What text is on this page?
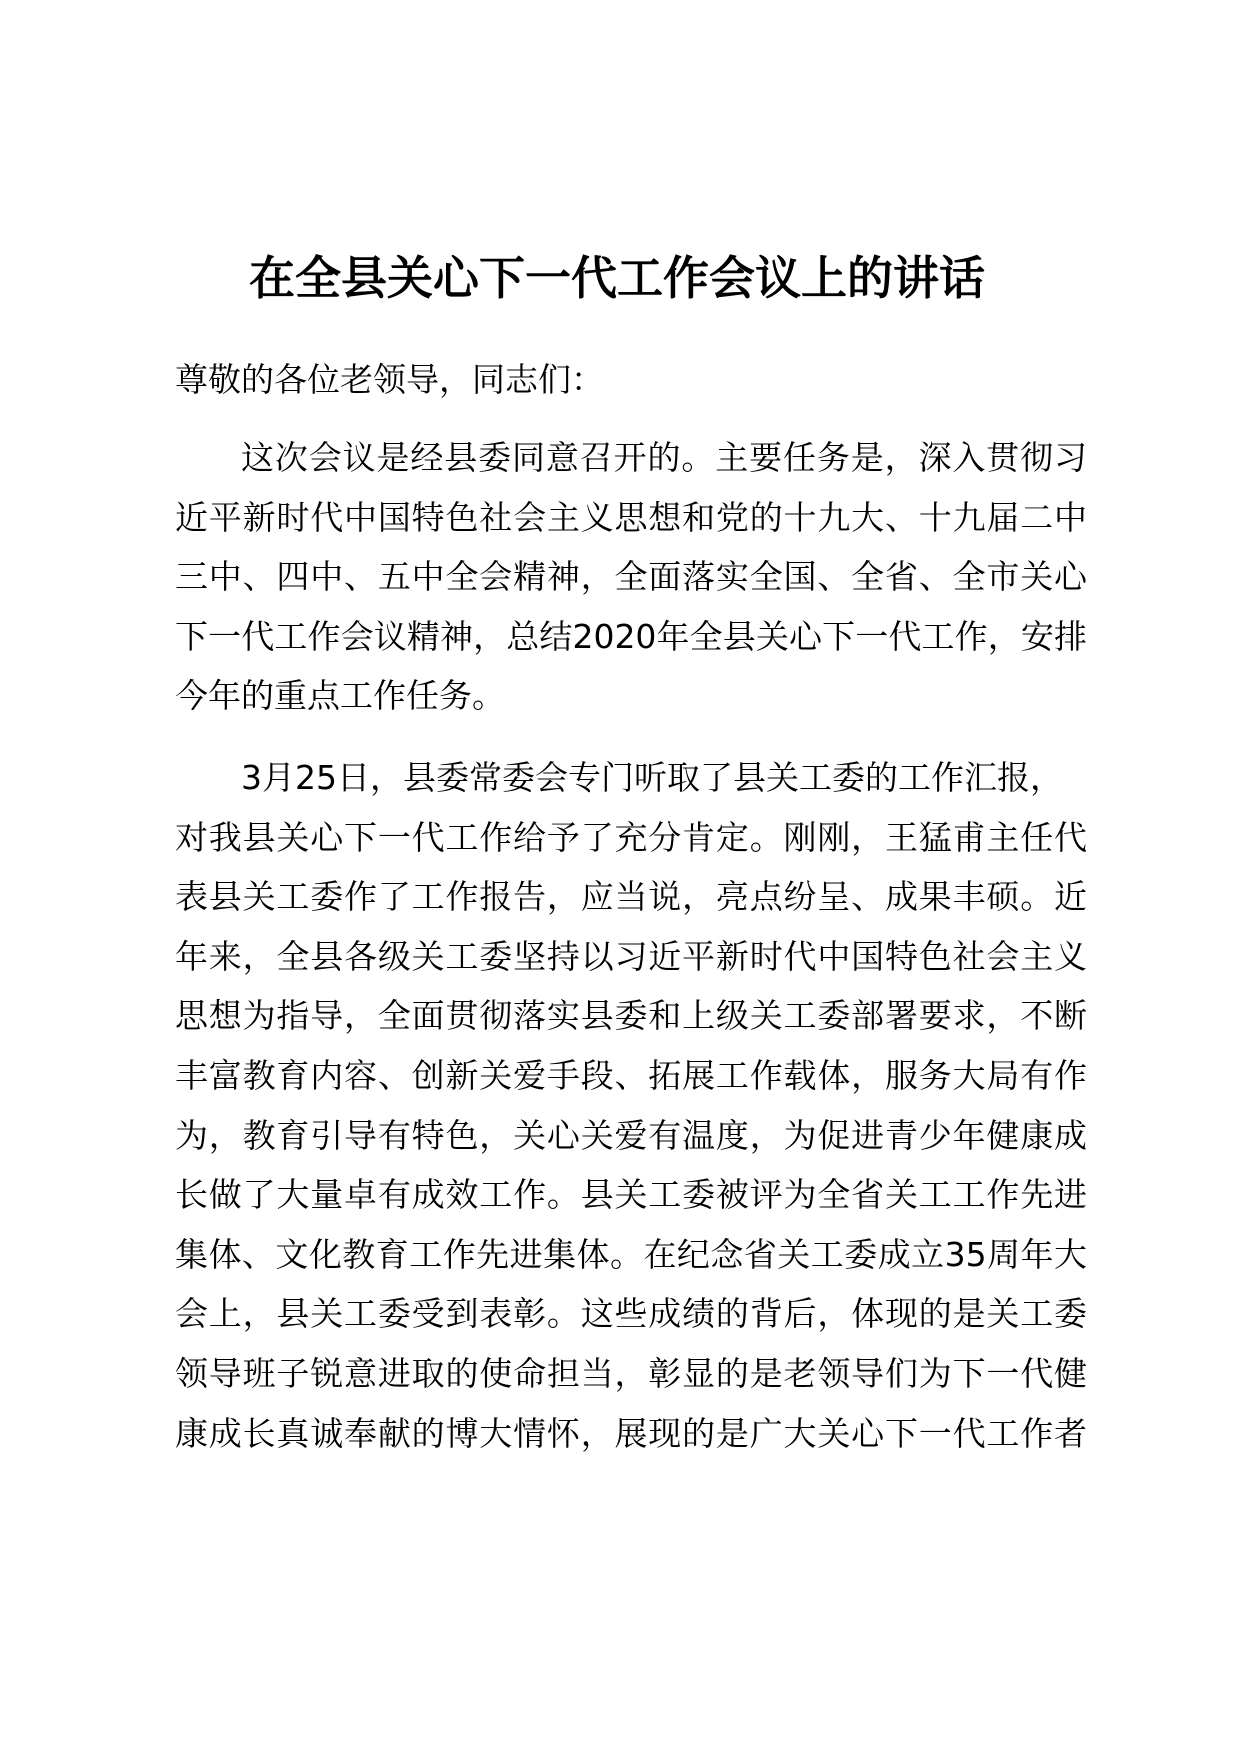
在全县关心下一代工作会议上的讲话

尊敬的各位老领导，同志们：

这次会议是经县委同意召开的。主要任务是，深入贯彻习
近平新时代中国特色社会主义思想和党的十九大、十九届二中
三中、四中、五中全会精神，全面落实全国、全省、全市关心
下一代工作会议精神，总结2020年全县关心下一代工作，安排
今年的重点工作任务。
3月25日，县委常委会专门听取了县关工委的工作汇报，
对我县关心下一代工作给予了充分肯定。刚刚，王猛甫主任代
表县关工委作了工作报告，应当说，亮点纷呈、成果丰硕。近
年来，全县各级关工委坚持以习近平新时代中国特色社会主义
思想为指导，全面贯彻落实县委和上级关工委部署要求，不断
丰富教育内容、创新关爱手段、拓展工作载体，服务大局有作
为，教育引导有特色，关心关爱有温度，为促进青少年健康成
长做了大量卓有成效工作。县关工委被评为全省关工工作先进
集体、文化教育工作先进集体。在纪念省关工委成立35周年大
会上，县关工委受到表彰。这些成绩的背后，体现的是关工委
领导班子锐意进取的使命担当，彰显的是老领导们为下一代健
康成长真诚奉献的博大情怀，展现的是广大关心下一代工作者
